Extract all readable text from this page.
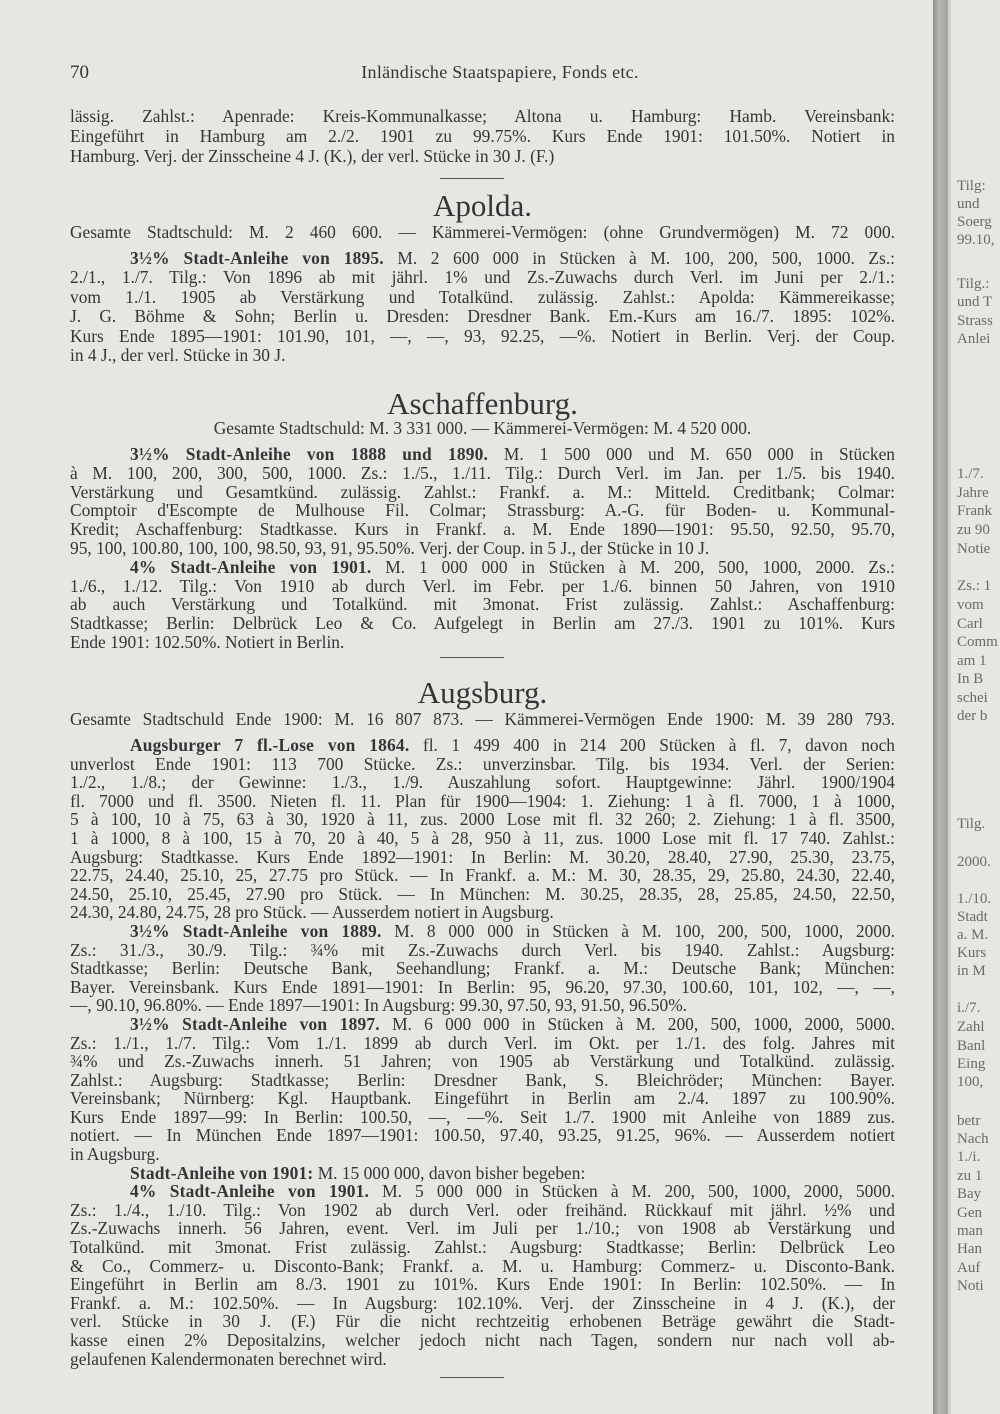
70	Inländische Staatspapiere, Fonds etc.
lässig. Zahlst.: Apenrade: Kreis-Kommunalkasse; Altona u. Hamburg: Hamb. Vereinsbank:
Eingeführt in Hamburg am 2./2. 1901 zu 99.75%. Kurs Ende 1901: 101.50%. Notiert in
Hamburg. Verj. der Zinsscheine 4 J. (K.), der verl. Stücke in 30 J. (F.)
Apolda.
Gesamte Stadtschuld: M. 2 460 600. — Kämmerei-Vermögen: (ohne Grundvermögen) M. 72 000.
3½% Stadt-Anleihe von 1895. M. 2 600 000 in Stücken à M. 100, 200, 500, 1000. Zs.:
2./1., 1./7. Tilg.: Von 1896 ab mit jährl. 1% und Zs.-Zuwachs durch Verl. im Juni per 2./1.:
vom 1./1. 1905 ab Verstärkung und Totalkünd. zulässig. Zahlst.: Apolda: Kämmereikasse;
J. G. Böhme & Sohn; Berlin u. Dresden: Dresdner Bank. Em.-Kurs am 16./7. 1895: 102%.
Kurs Ende 1895—1901: 101.90, 101, —, —, 93, 92.25, —%. Notiert in Berlin. Verj. der Coup.
in 4 J., der verl. Stücke in 30 J.
Aschaffenburg.
Gesamte Stadtschuld: M. 3 331 000. — Kämmerei-Vermögen: M. 4 520 000.
3½% Stadt-Anleihe von 1888 und 1890. M. 1 500 000 und M. 650 000 in Stücken
à M. 100, 200, 300, 500, 1000. Zs.: 1./5., 1./11. Tilg.: Durch Verl. im Jan. per 1./5. bis 1940.
Verstärkung und Gesamtkünd. zulässig. Zahlst.: Frankf. a. M.: Mitteld. Creditbank; Colmar:
Comptoir d'Escompte de Mulhouse Fil. Colmar; Strassburg: A.-G. für Boden- u. Kommunal-
Kredit; Aschaffenburg: Stadtkasse. Kurs in Frankf. a. M. Ende 1890—1901: 95.50, 92.50, 95.70,
95, 100, 100.80, 100, 100, 98.50, 93, 91, 95.50%. Verj. der Coup. in 5 J., der Stücke in 10 J.
4% Stadt-Anleihe von 1901. M. 1 000 000 in Stücken à M. 200, 500, 1000, 2000. Zs.:
1./6., 1./12. Tilg.: Von 1910 ab durch Verl. im Febr. per 1./6. binnen 50 Jahren, von 1910
ab auch Verstärkung und Totalkünd. mit 3monat. Frist zulässig. Zahlst.: Aschaffenburg:
Stadtkasse; Berlin: Delbrück Leo & Co. Aufgelegt in Berlin am 27./3. 1901 zu 101%. Kurs
Ende 1901: 102.50%. Notiert in Berlin.
Augsburg.
Gesamte Stadtschuld Ende 1900: M. 16 807 873. — Kämmerei-Vermögen Ende 1900: M. 39 280 793.
Augsburger 7 fl.-Lose von 1864. fl. 1 499 400 in 214 200 Stücken à fl. 7, davon noch
unverlost Ende 1901: 113 700 Stücke. Zs.: unverzinsbar. Tilg. bis 1934. Verl. der Serien:
1./2., 1./8.; der Gewinne: 1./3., 1./9. Auszahlung sofort. Hauptgewinne: Jährl. 1900/1904
fl. 7000 und fl. 3500. Nieten fl. 11. Plan für 1900—1904: 1. Ziehung: 1 à fl. 7000, 1 à 1000,
5 à 100, 10 à 75, 63 à 30, 1920 à 11, zus. 2000 Lose mit fl. 32 260; 2. Ziehung: 1 à fl. 3500,
1 à 1000, 8 à 100, 15 à 70, 20 à 40, 5 à 28, 950 à 11, zus. 1000 Lose mit fl. 17 740. Zahlst.:
Augsburg: Stadtkasse. Kurs Ende 1892—1901: In Berlin: M. 30.20, 28.40, 27.90, 25.30, 23.75,
22.75, 24.40, 25.10, 25, 27.75 pro Stück. — In Frankf. a. M.: M. 30, 28.35, 29, 25.80, 24.30, 22.40,
24.50, 25.10, 25.45, 27.90 pro Stück. — In München: M. 30.25, 28.35, 28, 25.85, 24.50, 22.50,
24.30, 24.80, 24.75, 28 pro Stück. — Ausserdem notiert in Augsburg.
3½% Stadt-Anleihe von 1889. M. 8 000 000 in Stücken à M. 100, 200, 500, 1000, 2000.
Zs.: 31./3., 30./9. Tilg.: ¾% mit Zs.-Zuwachs durch Verl. bis 1940. Zahlst.: Augsburg:
Stadtkasse; Berlin: Deutsche Bank, Seehandlung; Frankf. a. M.: Deutsche Bank; München:
Bayer. Vereinsbank. Kurs Ende 1891—1901: In Berlin: 95, 96.20, 97.30, 100.60, 101, 102, —, —,
—, 90.10, 96.80%. — Ende 1897—1901: In Augsburg: 99.30, 97.50, 93, 91.50, 96.50%.
3½% Stadt-Anleihe von 1897. M. 6 000 000 in Stücken à M. 200, 500, 1000, 2000, 5000.
Zs.: 1./1., 1./7. Tilg.: Vom 1./1. 1899 ab durch Verl. im Okt. per 1./1. des folg. Jahres mit
¾% und Zs.-Zuwachs innerh. 51 Jahren; von 1905 ab Verstärkung und Totalkünd. zulässig.
Zahlst.: Augsburg: Stadtkasse; Berlin: Dresdner Bank, S. Bleichröder; München: Bayer.
Vereinsbank; Nürnberg: Kgl. Hauptbank. Eingeführt in Berlin am 2./4. 1897 zu 100.90%.
Kurs Ende 1897—99: In Berlin: 100.50, —, —%. Seit 1./7. 1900 mit Anleihe von 1889 zus.
notiert. — In München Ende 1897—1901: 100.50, 97.40, 93.25, 91.25, 96%. — Ausserdem notiert
in Augsburg.
Stadt-Anleihe von 1901: M. 15 000 000, davon bisher begeben:
4% Stadt-Anleihe von 1901. M. 5 000 000 in Stücken à M. 200, 500, 1000, 2000, 5000.
Zs.: 1./4., 1./10. Tilg.: Von 1902 ab durch Verl. oder freihänd. Rückkauf mit jährl. ½% und
Zs.-Zuwachs innerh. 56 Jahren, event. Verl. im Juli per 1./10.; von 1908 ab Verstärkung und
Totalkünd. mit 3monat. Frist zulässig. Zahlst.: Augsburg: Stadtkasse; Berlin: Delbrück Leo
& Co., Commerz- u. Disconto-Bank; Frankf. a. M. u. Hamburg: Commerz- u. Disconto-Bank.
Eingeführt in Berlin am 8./3. 1901 zu 101%. Kurs Ende 1901: In Berlin: 102.50%. — In
Frankf. a. M.: 102.50%. — In Augsburg: 102.10%. Verj. der Zinsscheine in 4 J. (K.), der
verl. Stücke in 30 J. (F.) Für die nicht rechtzeitig erhobenen Beträge gewährt die Stadt-
kasse einen 2% Depositalzins, welcher jedoch nicht nach Tagen, sondern nur nach voll ab-
gelaufenen Kalendermonaten berechnet wird.
Tilg:
und
Soerg
99.10,
Tilg.:
und T
Strass
Anlei
1./7.
Jahre
Frank
zu 90
Notie
Zs.: 1
vom
Carl
Comm
am 1
In B
schei
der b
Tilg.
2000.
1./10.
Stadt
a. M.
Kurs
in M
i./7.
Zahl
Banl
Eing
100,
betr
Nach
1./i.
zu 1
Bay
Gen
man
Han
Auf
Noti
